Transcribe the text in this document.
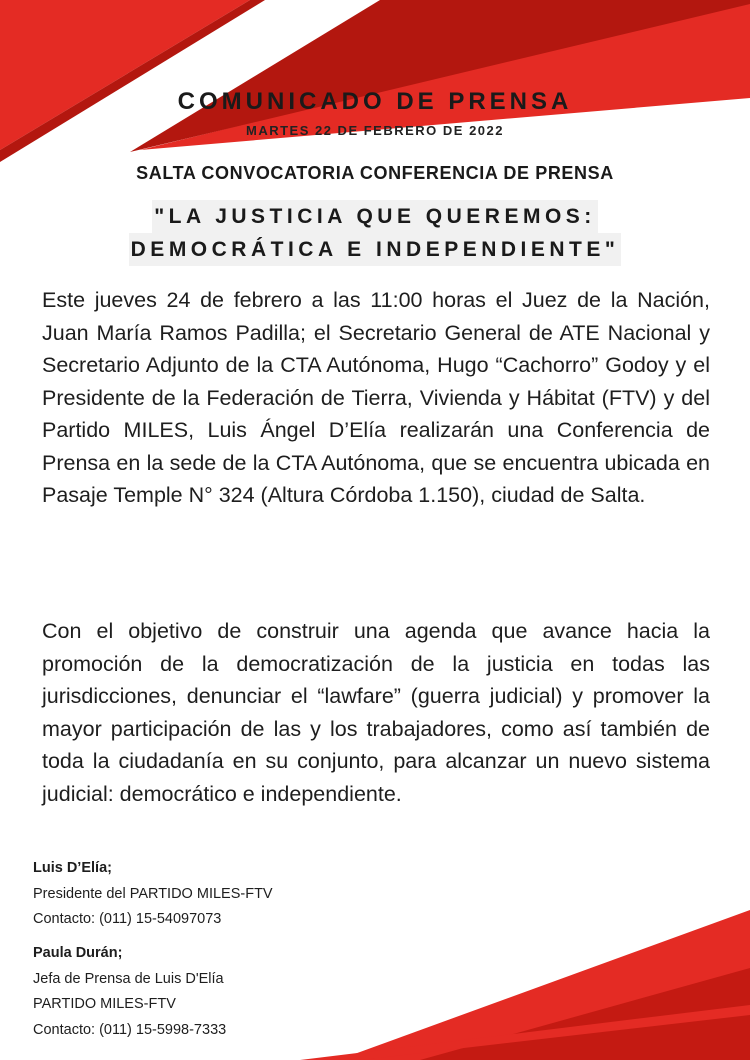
COMUNICADO DE PRENSA
MARTES 22 DE FEBRERO DE 2022
SALTA CONVOCATORIA CONFERENCIA DE PRENSA
"LA JUSTICIA QUE QUEREMOS:
DEMOCRÁTICA E INDEPENDIENTE"

Este jueves 24 de febrero a las 11:00 horas el Juez de la Nación, Juan María Ramos Padilla; el Secretario General de ATE Nacional y Secretario Adjunto de la CTA Autónoma, Hugo “Cachorro” Godoy y el Presidente de la Federación de Tierra, Vivienda y Hábitat (FTV) y del Partido MILES, Luis Ángel D’Elía realizarán una Conferencia de Prensa en la sede de la CTA Autónoma, que se encuentra ubicada en Pasaje Temple N° 324 (Altura Córdoba 1.150), ciudad de Salta.

Con el objetivo de construir una agenda que avance hacia la promoción de la democratización de la justicia en todas las jurisdicciones, denunciar el “lawfare” (guerra judicial) y promover la mayor participación de las y los trabajadores, como así también de toda la ciudadanía en su conjunto, para alcanzar un nuevo sistema judicial: democrático e independiente.

Luis D’Elía;
Presidente del PARTIDO MILES-FTV
Contacto: (011) 15-54097073
Paula Durán;
Jefa de Prensa de Luis D'Elía
PARTIDO MILES-FTV
Contacto: (011) 15-5998-7333
